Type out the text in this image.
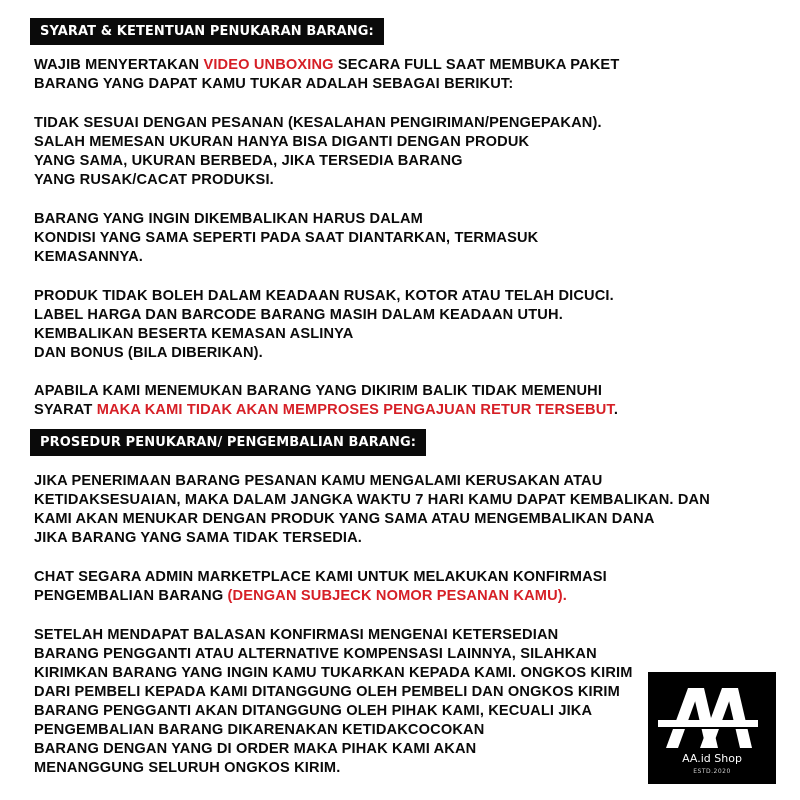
SYARAT & KETENTUAN PENUKARAN BARANG:
WAJIB MENYERTAKAN VIDEO UNBOXING SECARA FULL SAAT MEMBUKA PAKET
BARANG YANG DAPAT KAMU TUKAR ADALAH SEBAGAI BERIKUT:
TIDAK SESUAI DENGAN PESANAN (KESALAHAN PENGIRIMAN/PENGEPAKAN).
SALAH MEMESAN UKURAN HANYA BISA DIGANTI DENGAN PRODUK
YANG SAMA, UKURAN BERBEDA, JIKA TERSEDIA BARANG
YANG RUSAK/CACAT PRODUKSI.
BARANG YANG INGIN DIKEMBALIKAN HARUS DALAM
KONDISI YANG SAMA SEPERTI PADA SAAT DIANTARKAN, TERMASUK
KEMASANNYA.
PRODUK TIDAK BOLEH DALAM KEADAAN RUSAK, KOTOR ATAU TELAH DICUCI.
LABEL HARGA DAN BARCODE BARANG MASIH DALAM KEADAAN UTUH.
KEMBALIKAN BESERTA KEMASAN ASLINYA
DAN BONUS (BILA DIBERIKAN).
APABILA KAMI MENEMUKAN BARANG YANG DIKIRIM BALIK TIDAK MEMENUHI
SYARAT MAKA KAMI TIDAK AKAN MEMPROSES PENGAJUAN RETUR TERSEBUT.
PROSEDUR PENUKARAN/ PENGEMBALIAN BARANG:
JIKA PENERIMAAN BARANG PESANAN KAMU MENGALAMI KERUSAKAN ATAU
KETIDAKSESUAIAN, MAKA DALAM JANGKA WAKTU 7 HARI KAMU DAPAT KEMBALIKAN. DAN
KAMI AKAN MENUKAR DENGAN PRODUK YANG SAMA ATAU MENGEMBALIKAN DANA
JIKA BARANG YANG SAMA TIDAK TERSEDIA.
CHAT SEGARA ADMIN MARKETPLACE KAMI UNTUK MELAKUKAN KONFIRMASI
PENGEMBALIAN BARANG (DENGAN SUBJECK NOMOR PESANAN KAMU).
SETELAH MENDAPAT BALASAN KONFIRMASI MENGENAI KETERSEDIAN
BARANG PENGGANTI ATAU ALTERNATIVE KOMPENSASI LAINNYA, SILAHKAN
KIRIMKAN BARANG YANG INGIN KAMU TUKARKAN KEPADA KAMI. ONGKOS KIRIM
DARI PEMBELI KEPADA KAMI DITANGGUNG OLEH PEMBELI DAN ONGKOS KIRIM
BARANG PENGGANTI AKAN DITANGGUNG OLEH PIHAK KAMI, KECUALI JIKA
PENGEMBALIAN BARANG DIKARENAKAN KETIDAKCOCOKAN
BARANG DENGAN YANG DI ORDER MAKA PIHAK KAMI AKAN
MENANGGUNG SELURUH ONGKOS KIRIM.
AA.id Shop
ESTD.2020
